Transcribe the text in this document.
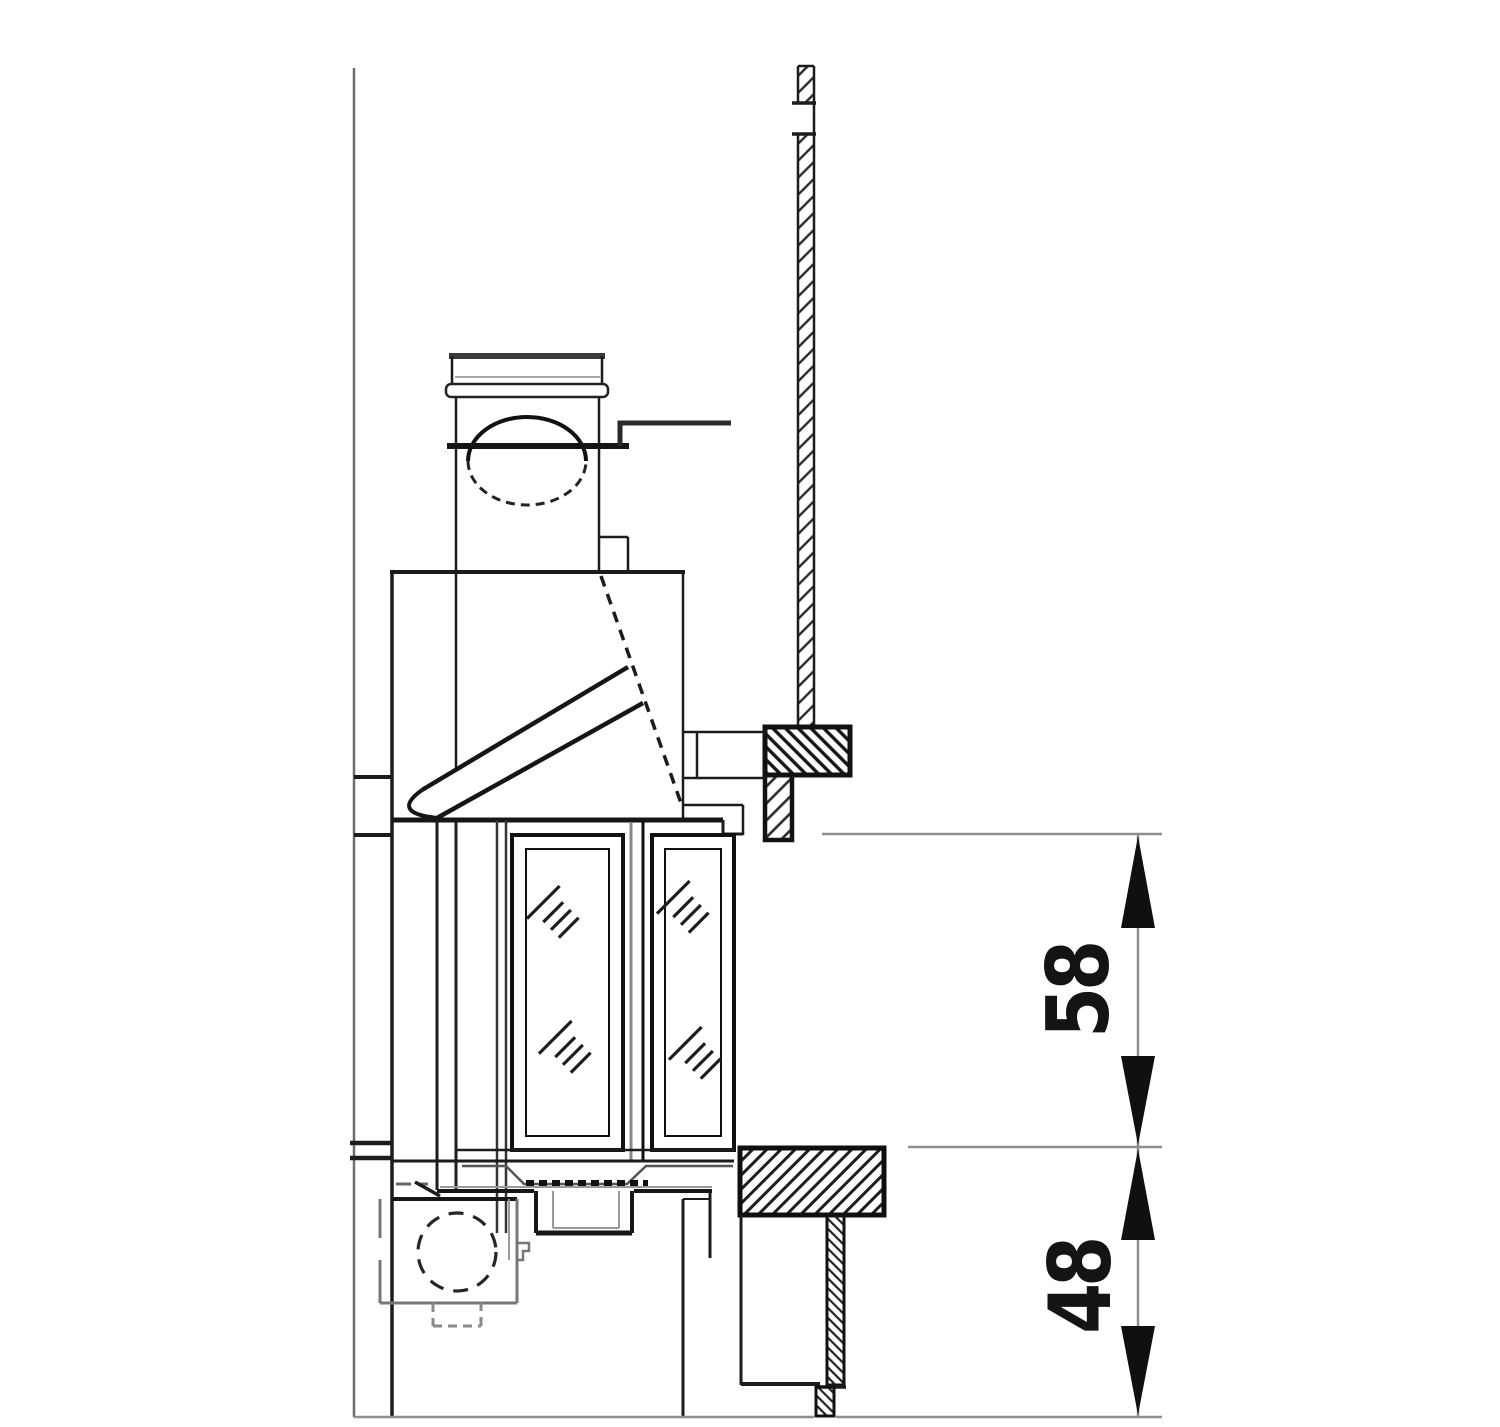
58
48
